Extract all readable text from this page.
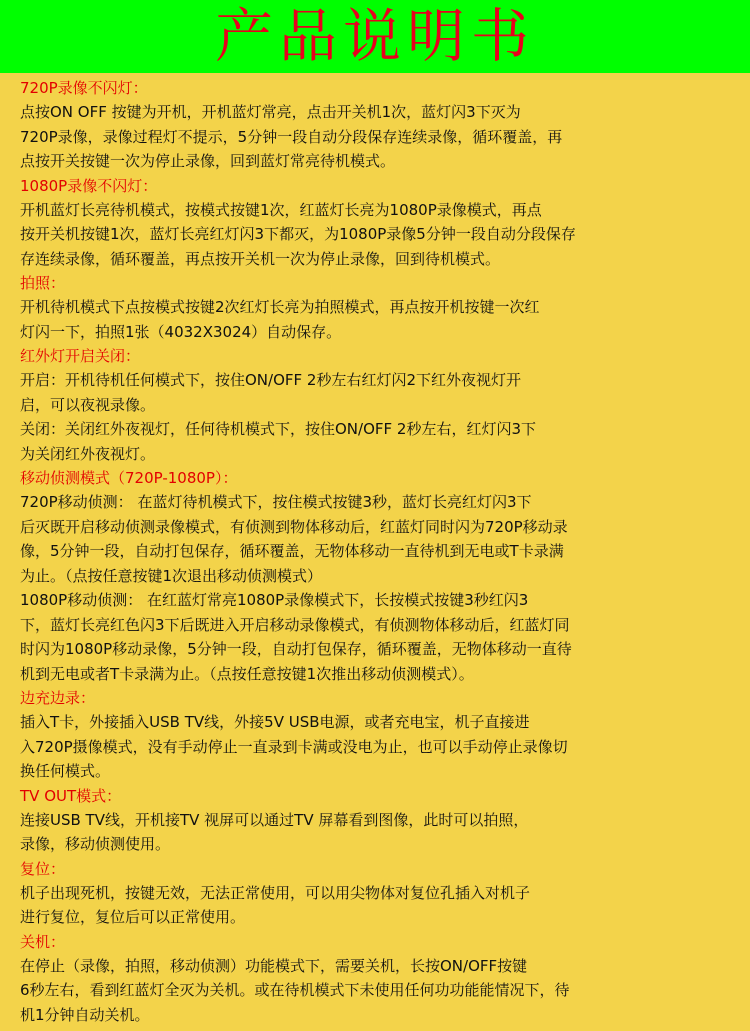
产品说明书
720P录像不闪灯：
点按ON OFF 按键为开机，开机蓝灯常亮，点击开关机1次，蓝灯闪3下灭为
720P录像，录像过程灯不提示，5分钟一段自动分段保存连续录像，循环覆盖，再
点按开关按键一次为停止录像，回到蓝灯常亮待机模式。
1080P录像不闪灯：
开机蓝灯长亮待机模式，按模式按键1次，红蓝灯长亮为1080P录像模式，再点
按开关机按键1次，蓝灯长亮红灯闪3下都灭，为1080P录像5分钟一段自动分段保存
存连续录像，循环覆盖，再点按开关机一次为停止录像，回到待机模式。
拍照：
开机待机模式下点按模式按键2次红灯长亮为拍照模式，再点按开机按键一次红
灯闪一下，拍照1张（4032X3024）自动保存。
红外灯开启关闭：
开启：开机待机任何模式下，按住ON/OFF 2秒左右红灯闪2下红外夜视灯开
启，可以夜视录像。
关闭：关闭红外夜视灯，任何待机模式下，按住ON/OFF 2秒左右，红灯闪3下
为关闭红外夜视灯。
移动侦测模式（720P-1080P）：
720P移动侦测： 在蓝灯待机模式下，按住模式按键3秒，蓝灯长亮红灯闪3下
后灭既开启移动侦测录像模式，有侦测到物体移动后，红蓝灯同时闪为720P移动录
像，5分钟一段，自动打包保存，循环覆盖，无物体移动一直待机到无电或T卡录满
为止。（点按任意按键1次退出移动侦测模式）
1080P移动侦测： 在红蓝灯常亮1080P录像模式下，长按模式按键3秒红闪3
下，蓝灯长亮红色闪3下后既进入开启移动录像模式，有侦测物体移动后，红蓝灯同
时闪为1080P移动录像，5分钟一段，自动打包保存，循环覆盖，无物体移动一直待
机到无电或者T卡录满为止。（点按任意按键1次推出移动侦测模式）。
边充边录：
插入T卡，外接插入USB TV线，外接5V USB电源，或者充电宝，机子直接进
入720P摄像模式，没有手动停止一直录到卡满或没电为止，也可以手动停止录像切
换任何模式。
TV OUT模式：
连接USB TV线，开机接TV 视屏可以通过TV 屏幕看到图像，此时可以拍照，
录像，移动侦测使用。
复位：
机子出现死机，按键无效，无法正常使用，可以用尖物体对复位孔插入对机子
进行复位，复位后可以正常使用。
关机：
在停止（录像，拍照，移动侦测）功能模式下，需要关机，长按ON/OFF按键
6秒左右，看到红蓝灯全灭为关机。或在待机模式下未使用任何功功能能情况下，待
机1分钟自动关机。
